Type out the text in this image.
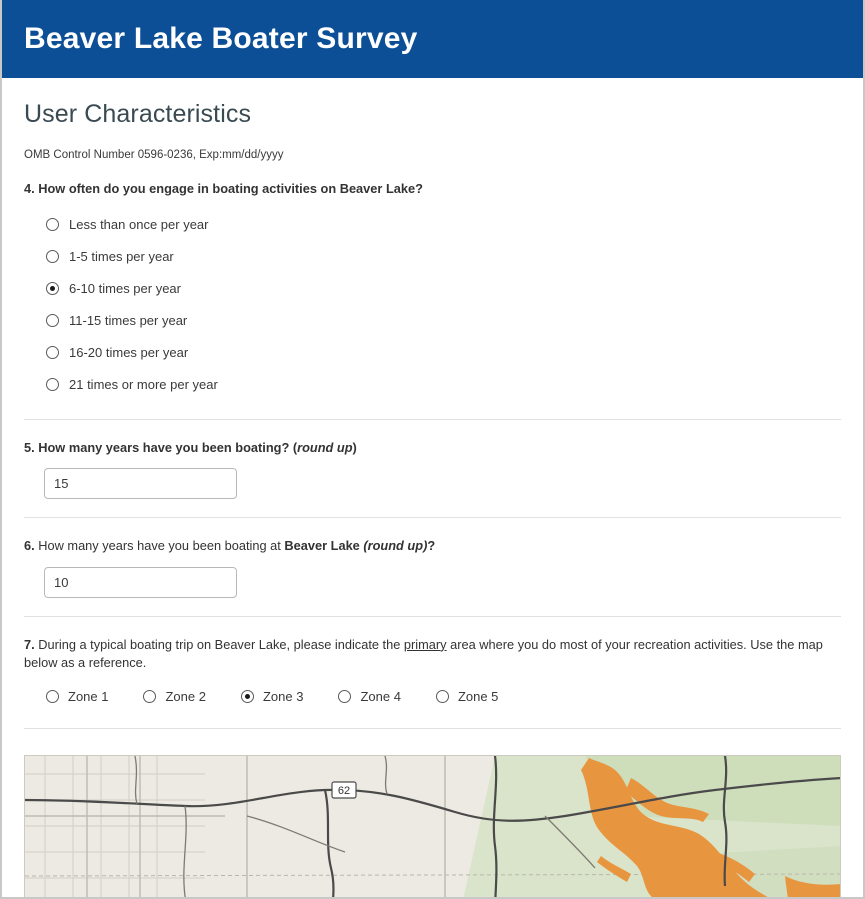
Beaver Lake Boater Survey
User Characteristics
OMB Control Number 0596-0236, Exp:mm/dd/yyyy
4. How often do you engage in boating activities on Beaver Lake?
Less than once per year
1-5 times per year
6-10 times per year
11-15 times per year
16-20 times per year
21 times or more per year
5. How many years have you been boating? (round up)
15
6. How many years have you been boating at Beaver Lake (round up)?
10
7. During a typical boating trip on Beaver Lake, please indicate the primary area where you do most of your recreation activities. Use the map below as a reference.
Zone 1	Zone 2	Zone 3	Zone 4	Zone 5
62
